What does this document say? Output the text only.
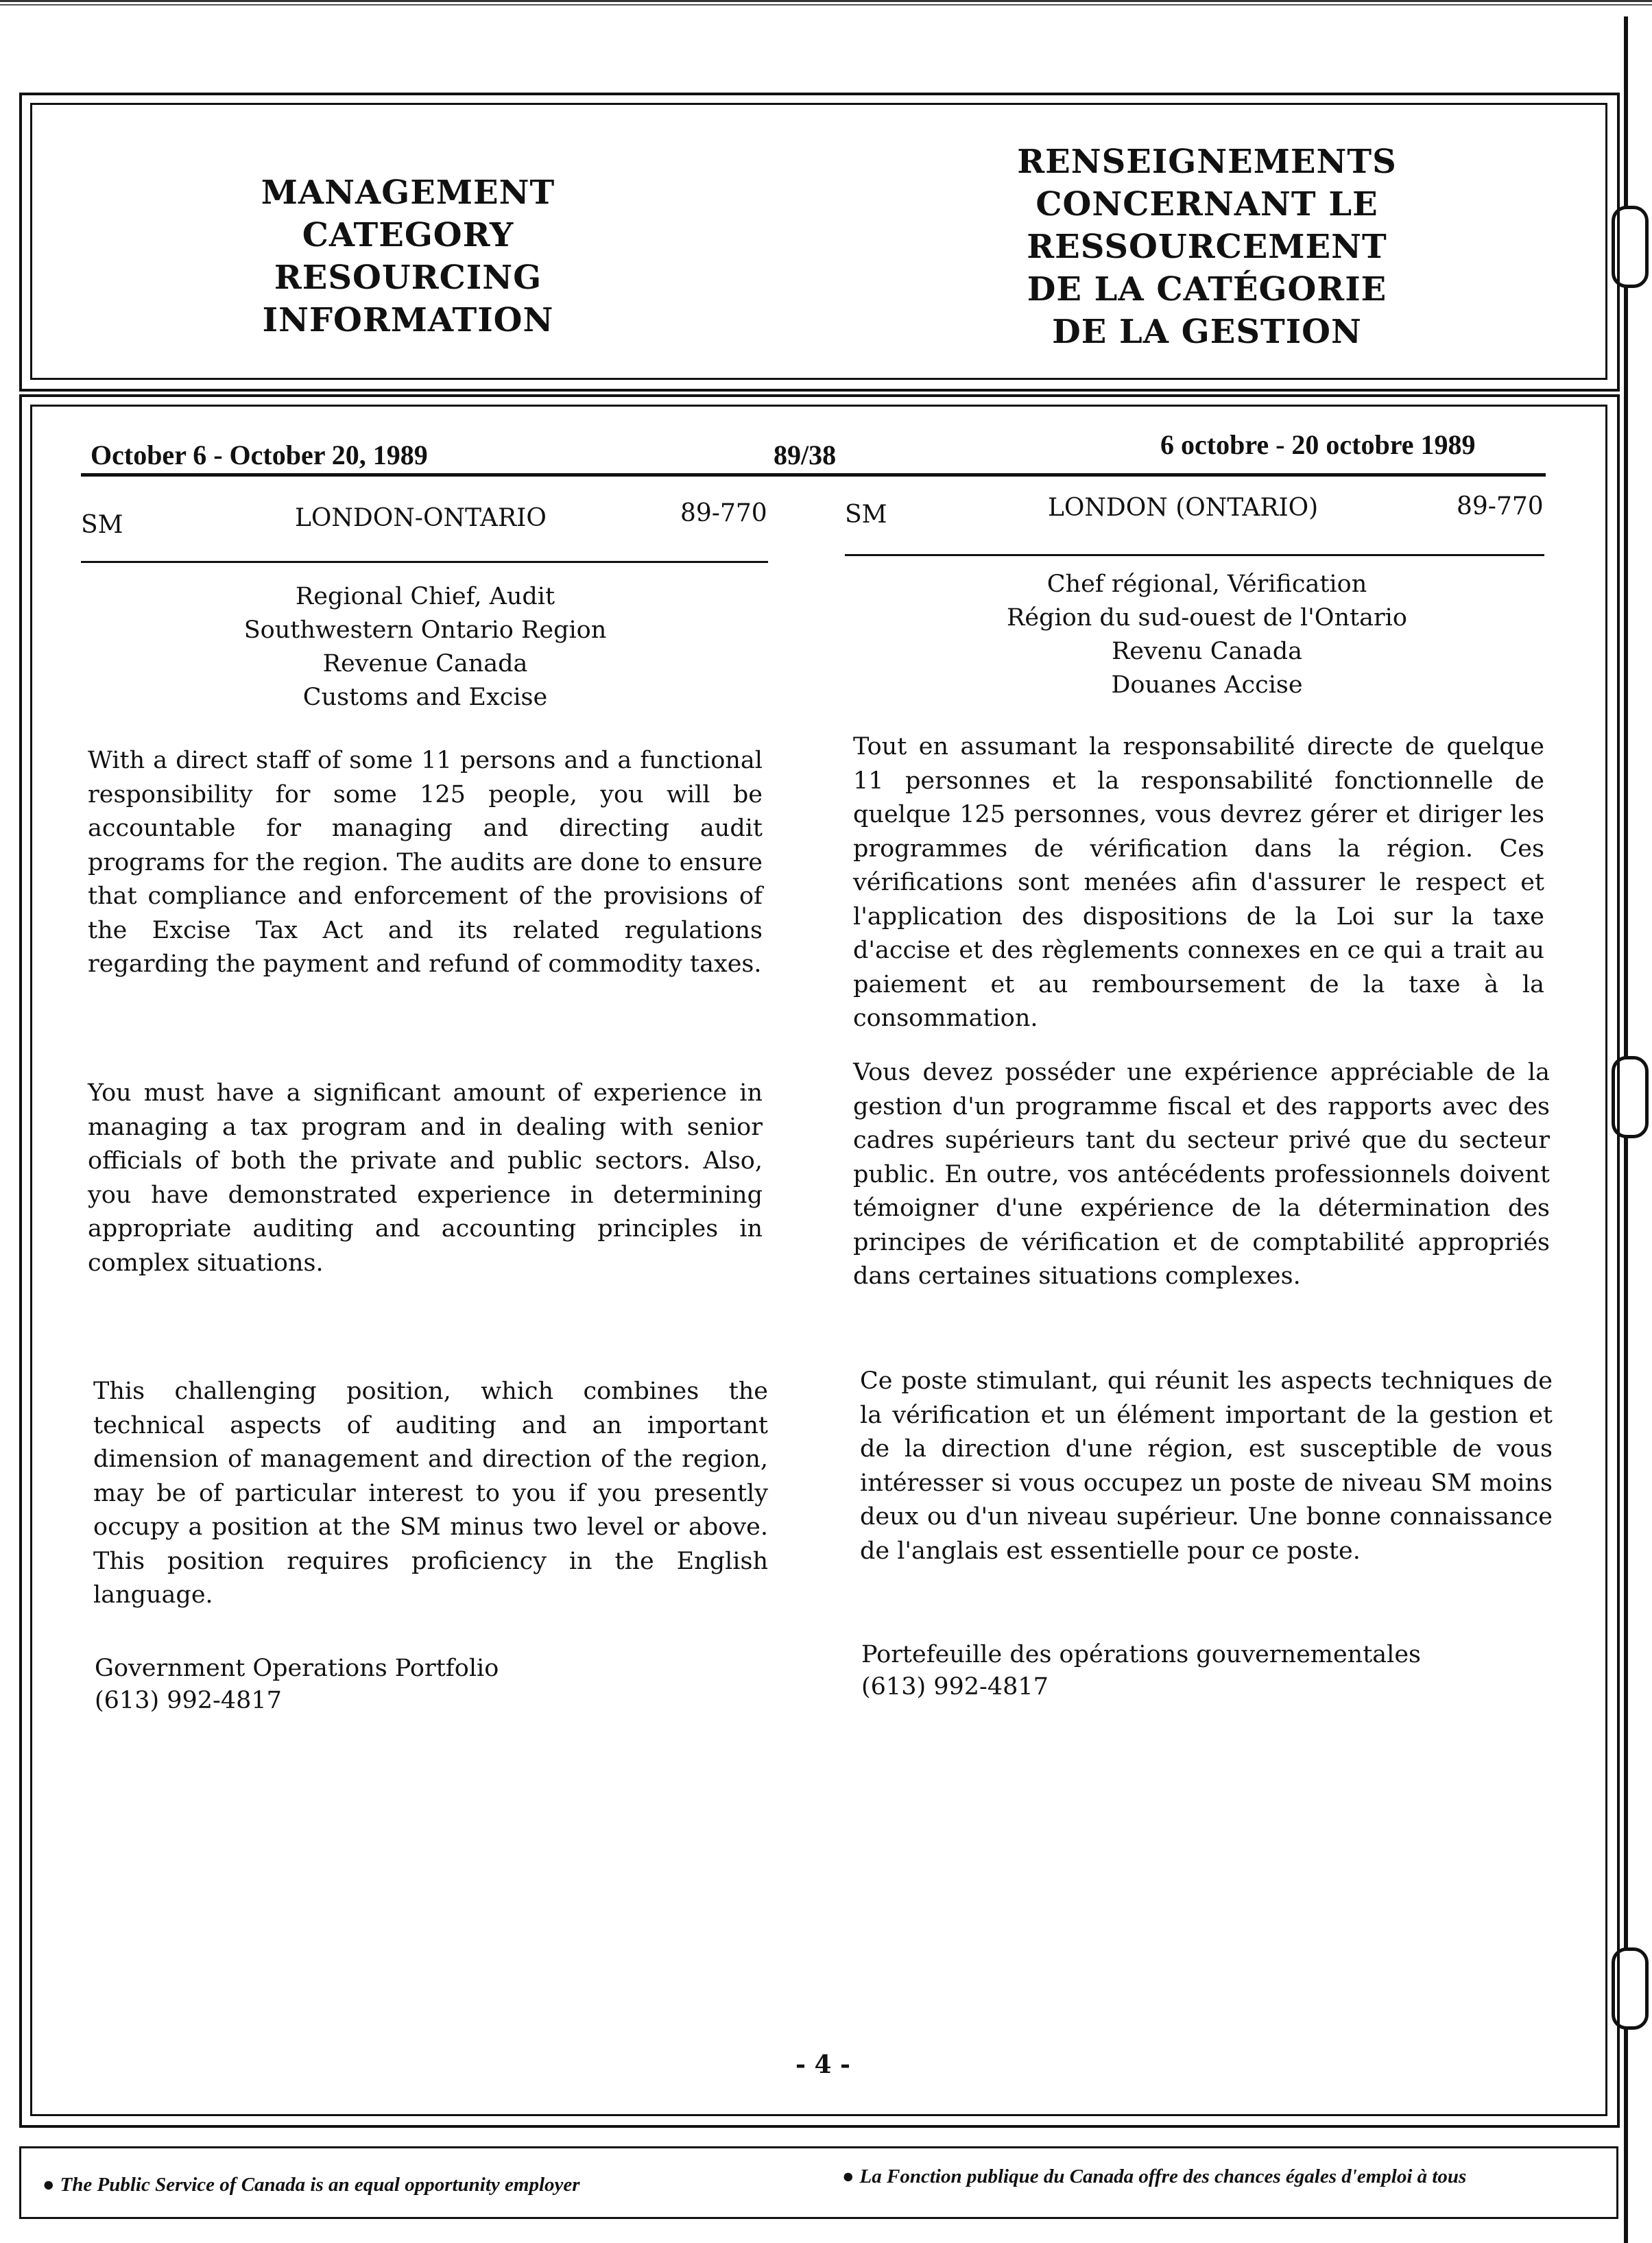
MANAGEMENT
CATEGORY
RESOURCING
INFORMATION
RENSEIGNEMENTS
CONCERNANT LE
RESSOURCEMENT
DE LA CATÉGORIE
DE LA GESTION
October 6 - October 20, 1989	89/38	6 octobre - 20 octobre 1989
SM	LONDON-ONTARIO	89-770
Regional Chief, Audit
Southwestern Ontario Region
Revenue Canada
Customs and Excise
With a direct staff of some 11 persons and a functional responsibility for some 125 people, you will be accountable for managing and directing audit programs for the region. The audits are done to ensure that compliance and enforcement of the provisions of the Excise Tax Act and its related regulations regarding the payment and refund of commodity taxes.
You must have a significant amount of experience in managing a tax program and in dealing with senior officials of both the private and public sectors. Also, you have demonstrated experience in determining appropriate auditing and accounting principles in complex situations.
This challenging position, which combines the technical aspects of auditing and an important dimension of management and direction of the region, may be of particular interest to you if you presently occupy a position at the SM minus two level or above. This position requires proficiency in the English language.
Government Operations Portfolio
(613) 992-4817
SM	LONDON (ONTARIO)	89-770
Chef régional, Vérification
Région du sud-ouest de l'Ontario
Revenu Canada
Douanes Accise
Tout en assumant la responsabilité directe de quelque 11 personnes et la responsabilité fonctionnelle de quelque 125 personnes, vous devrez gérer et diriger les programmes de vérification dans la région. Ces vérifications sont menées afin d'assurer le respect et l'application des dispositions de la Loi sur la taxe d'accise et des règlements connexes en ce qui a trait au paiement et au remboursement de la taxe à la consommation.
Vous devez posséder une expérience appréciable de la gestion d'un programme fiscal et des rapports avec des cadres supérieurs tant du secteur privé que du secteur public. En outre, vos antécédents professionnels doivent témoigner d'une expérience de la détermination des principes de vérification et de comptabilité appropriés dans certaines situations complexes.
Ce poste stimulant, qui réunit les aspects techniques de la vérification et un élément important de la gestion et de la direction d'une région, est susceptible de vous intéresser si vous occupez un poste de niveau SM moins deux ou d'un niveau supérieur. Une bonne connaissance de l'anglais est essentielle pour ce poste.
Portefeuille des opérations gouvernementales
(613) 992-4817
- 4 -
● The Public Service of Canada is an equal opportunity employer	● La Fonction publique du Canada offre des chances égales d'emploi à tous
